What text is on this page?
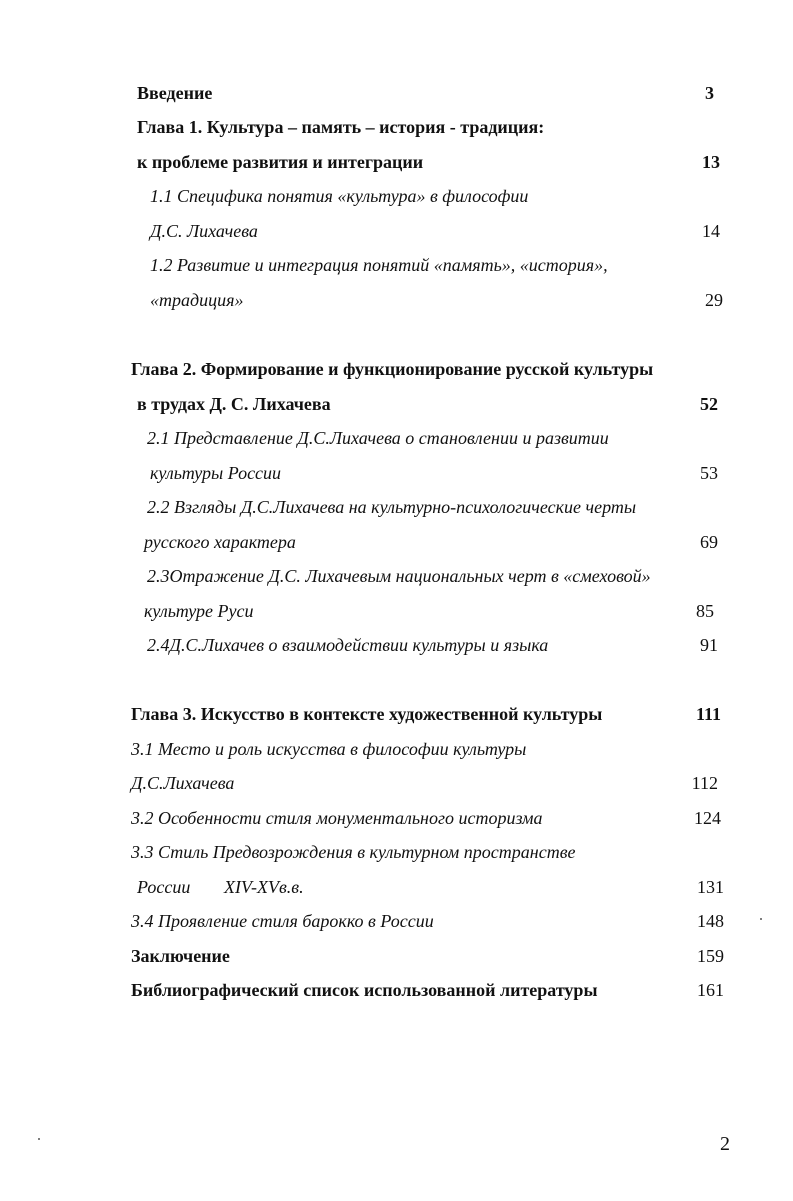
Введение	3
Глава 1. Культура – память – история - традиция:
к проблеме развития и интеграции	13
1.1 Специфика понятия «культура» в философии
Д.С. Лихачева	14
1.2 Развитие и интеграция понятий «память», «история»,
«традиция»	29
Глава 2. Формирование и функционирование русской культуры
в трудах Д. С. Лихачева	52
2.1 Представление Д.С.Лихачева о становлении и развитии
культуры России	53
2.2 Взгляды Д.С.Лихачева на культурно-психологические черты
русского характера	69
2.3Отражение Д.С. Лихачевым национальных черт в «смеховой»
культуре Руси	85
2.4Д.С.Лихачев о взаимодействии культуры и языка	91
Глава 3. Искусство в контексте художественной культуры	111
3.1 Место и роль искусства в философии культуры
Д.С.Лихачева	112
3.2 Особенности стиля монументального историзма	124
3.3 Стиль Предвозрождения в культурном пространстве
России XIV-XVв.в.	131
3.4 Проявление стиля барокко в России	148
Заключение	159
Библиографический список использованной литературы	161
2
